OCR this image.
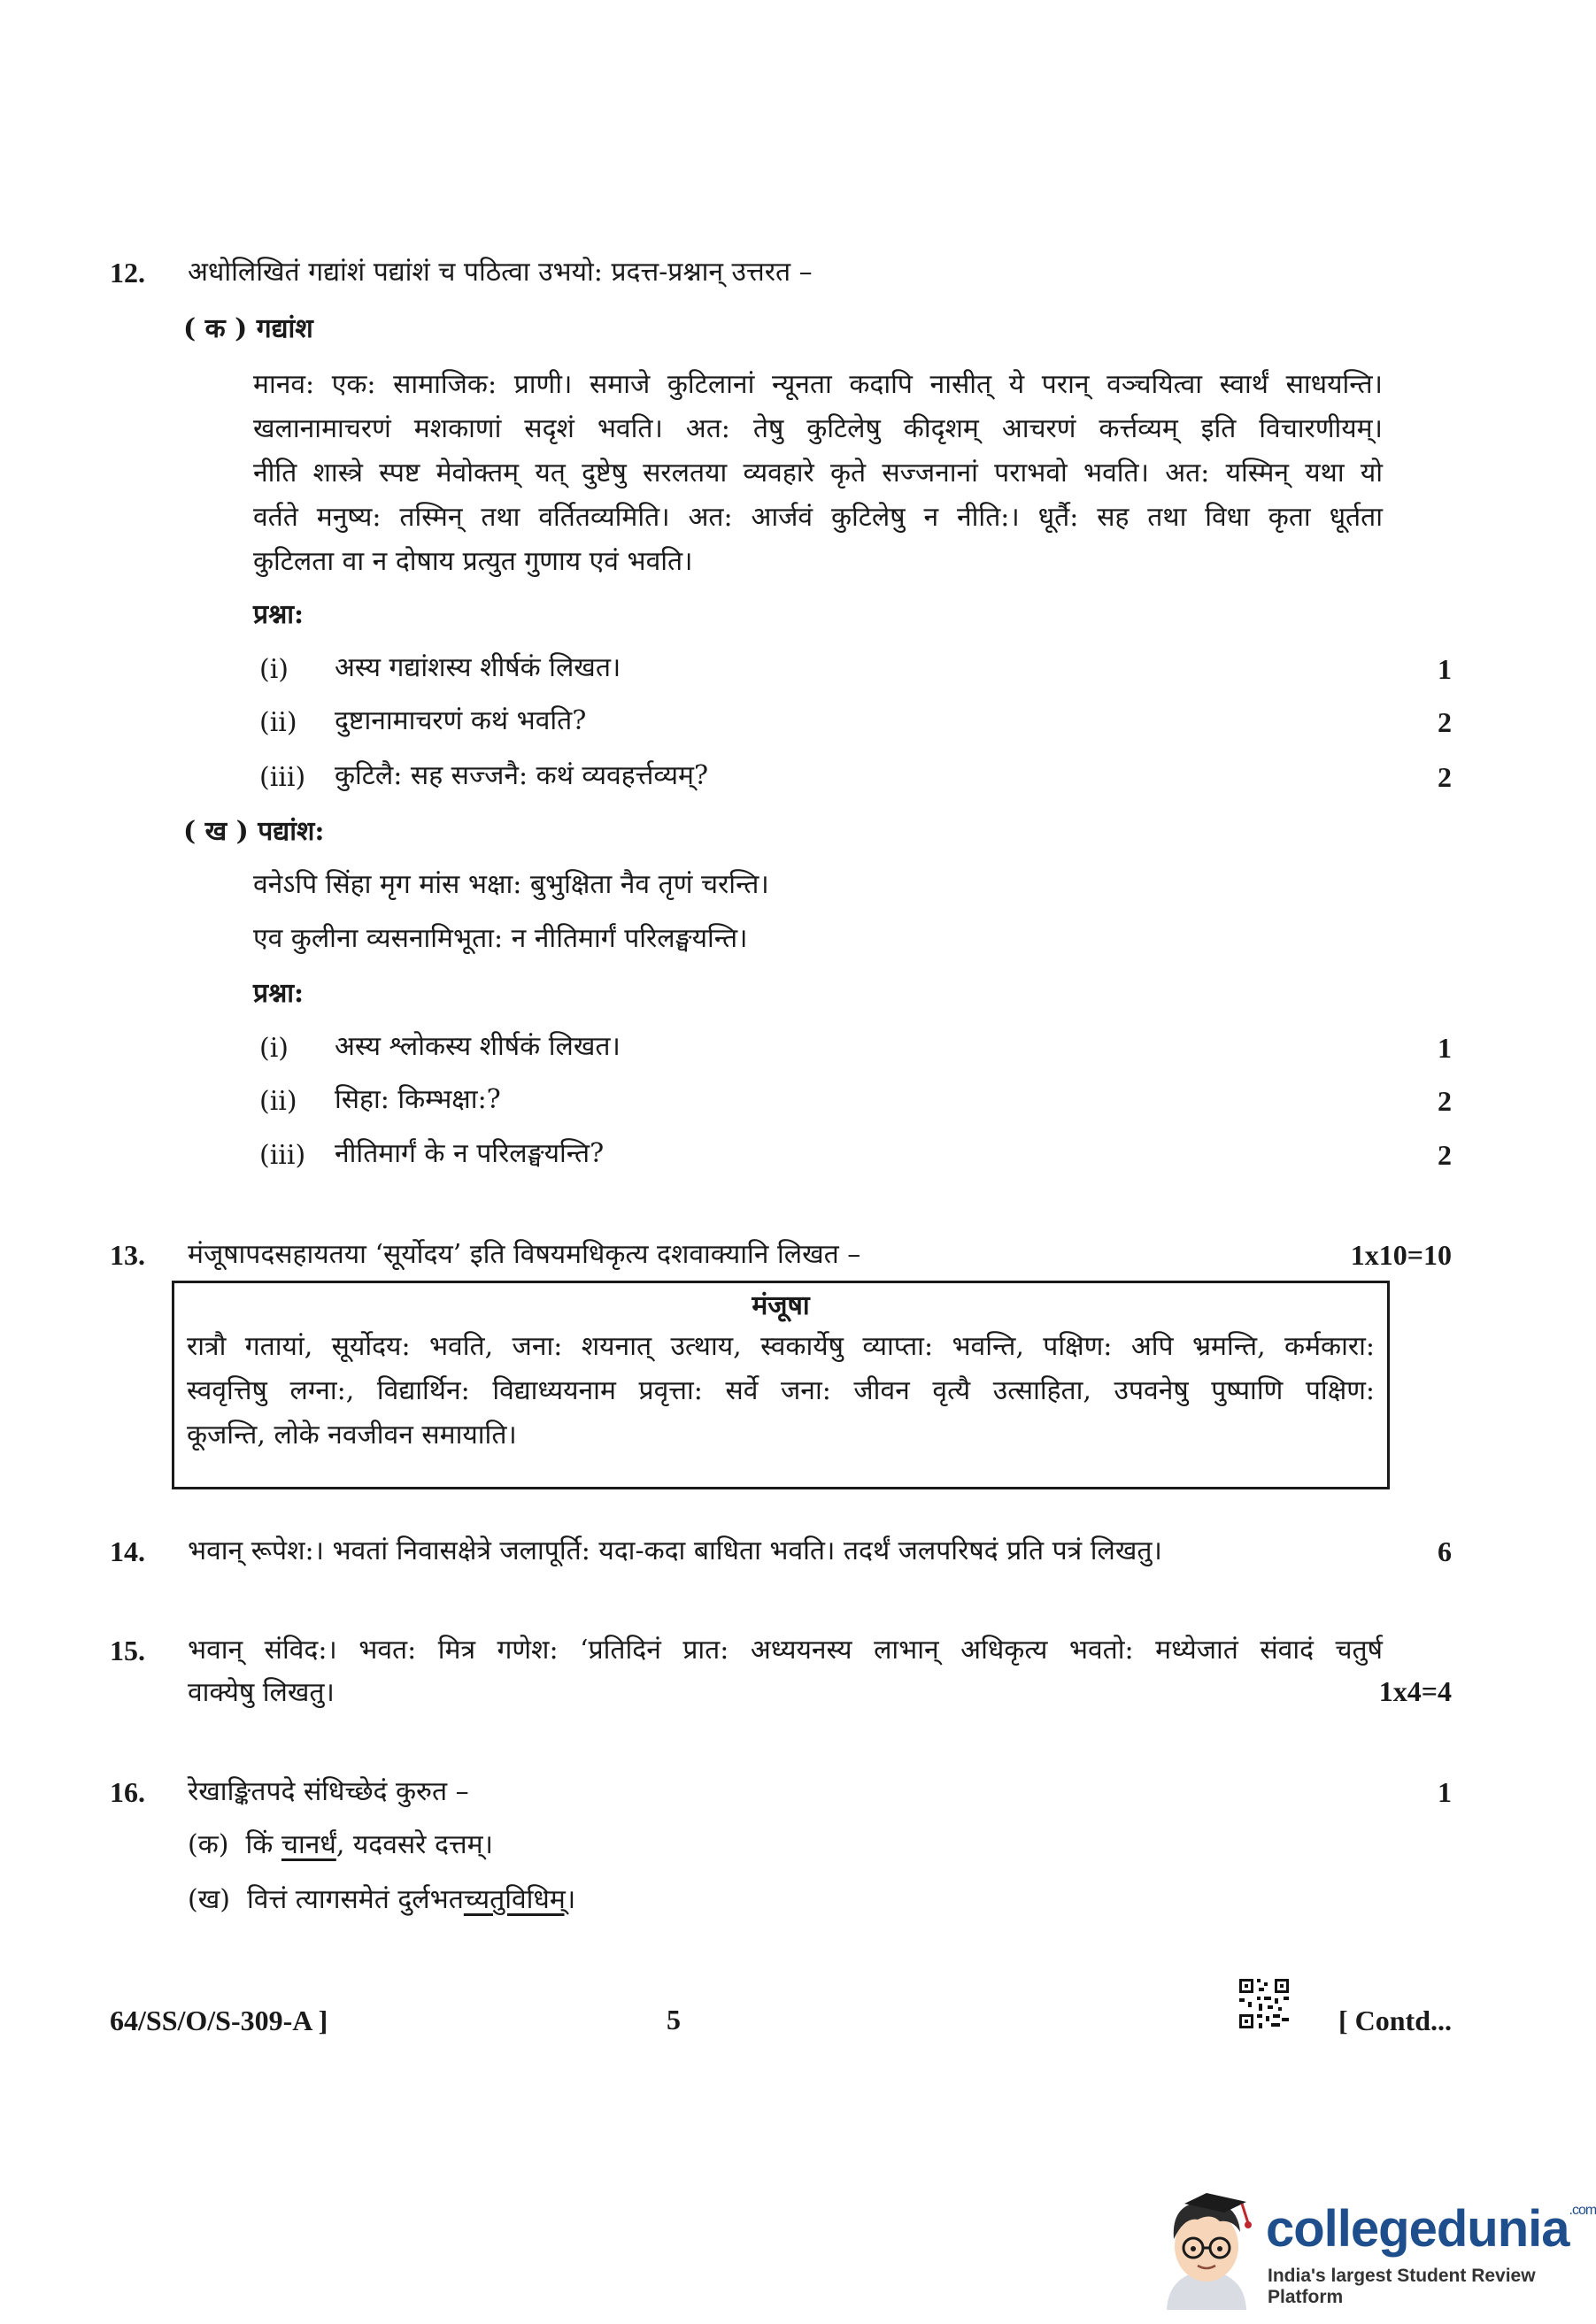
12. अधोलिखितं गद्यांशं पद्यांशं च पठित्वा उभयो: प्रदत्त-प्रश्नान् उत्तरत –
( क ) गद्यांश
मानव: एक: सामाजिक: प्राणी। समाजे कुटिलानां न्यूनता कदापि नासीत् ये परान् वञ्चयित्वा स्वार्थं साधयन्ति।
खलानामाचरणं मशकाणां सदृशं भवति। अत: तेषु कुटिलेषु कीदृशम् आचरणं कर्त्तव्यम् इति विचारणीयम्।
नीति शास्त्रे स्पष्ट मेवोक्तम् यत् दुष्टेषु सरलतया व्यवहारे कृते सज्जनानां पराभवो भवति। अत: यस्मिन् यथा यो
वर्तते मनुष्य: तस्मिन् तथा वर्तितव्यमिति। अत: आर्जवं कुटिलेषु न नीति:। धूर्तै: सह तथा विधा कृता धूर्तता
कुटिलता वा न दोषाय प्रत्युत गुणाय एवं भवति।
प्रश्ना:
(i) अस्य गद्यांशस्य शीर्षकं लिखत।	1
(ii) दुष्टानामाचरणं कथं भवति?	2
(iii) कुटिलै: सह सज्जनै: कथं व्यवहर्त्तव्यम्?	2
( ख ) पद्यांश:
वनेऽपि सिंहा मृग मांस भक्षा: बुभुक्षिता नैव तृणं चरन्ति।
एव कुलीना व्यसनामिभूता: न नीतिमार्गं परिलङ्घयन्ति।
प्रश्ना:
(i) अस्य श्लोकस्य शीर्षकं लिखत।	1
(ii) सिहा: किम्भक्षा:?	2
(iii) नीतिमार्गं के न परिलङ्घयन्ति?	2
13. मंजूषापदसहायतया ‘सूर्योदय’ इति विषयमधिकृत्य दशवाक्यानि लिखत –	1x10=10
मंजूषा
रात्रौ गतायां, सूर्योदय: भवति, जना: शयनात् उत्थाय, स्वकार्येषु व्याप्ता: भवन्ति, पक्षिण: अपि भ्रमन्ति, कर्मकारा:
स्ववृत्तिषु लग्ना:, विद्यार्थिन: विद्याध्ययनाम प्रवृत्ता: सर्वे जना: जीवन वृत्यै उत्साहिता, उपवनेषु पुष्पाणि पक्षिण:
कूजन्ति, लोके नवजीवन समायाति।
14. भवान् रूपेश:। भवतां निवासक्षेत्रे जलापूर्ति: यदा-कदा बाधिता भवति। तदर्थं जलपरिषदं प्रति पत्रं लिखतु।	6
15. भवान् संविद:। भवत: मित्र गणेश: ‘प्रतिदिनं प्रात: अध्ययनस्य लाभान् अधिकृत्य भवतो: मध्येजातं संवादं चतुर्ष
वाक्येषु लिखतु।	1x4=4
16. रेखाङ्कितपदे संधिच्छेदं कुरुत –	1
(क) किं चानर्धं, यदवसरे दत्तम्।
(ख) वित्तं त्यागसमेतं दुर्लभतच्यतुविधिम्।
64/SS/O/S-309-A ]	5	[ Contd...
collegedunia$^{.com}$
India's largest Student Review Platform
